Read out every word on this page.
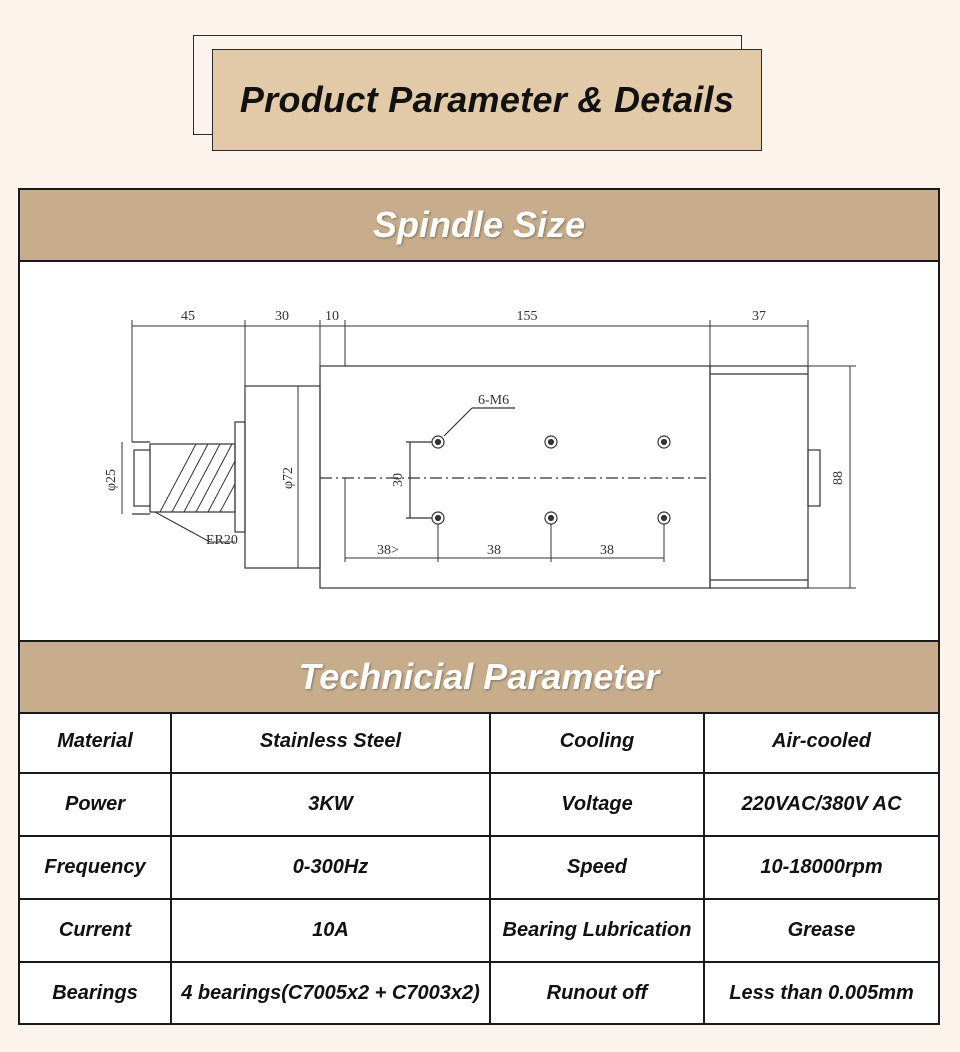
Product Parameter & Details
Spindle Size
45	30	10	155	37
6-M6
φ25	φ72	30	88
ER20
38>	38	38
Technicial Parameter
Material	Stainless Steel	Cooling	Air-cooled
Power	3KW	Voltage	220VAC/380V AC
Frequency	0-300Hz	Speed	10-18000rpm
Current	10A	Bearing Lubrication	Grease
Bearings	4 bearings(C7005x2 + C7003x2)	Runout off	Less than 0.005mm
